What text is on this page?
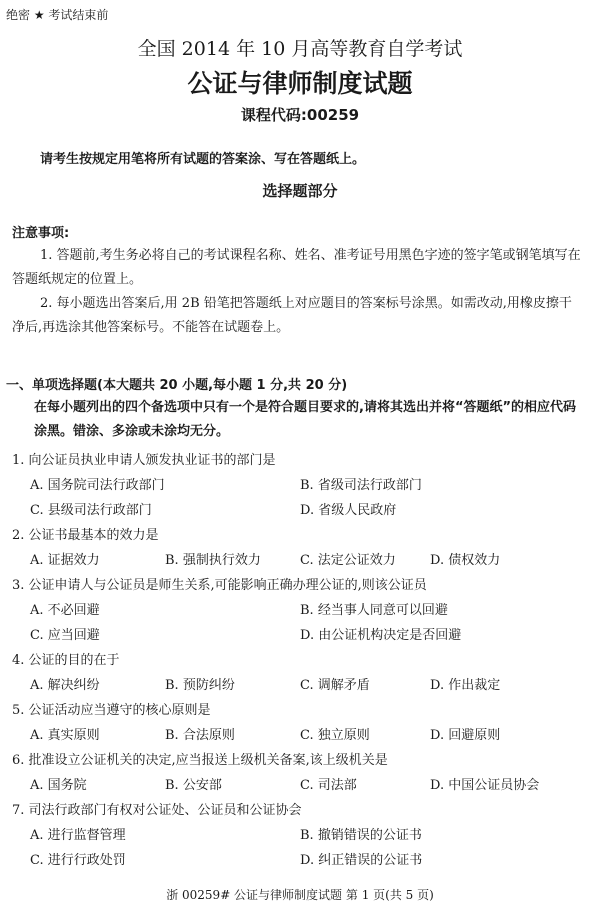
绝密 ★ 考试结束前
全国 2014 年 10 月高等教育自学考试
公证与律师制度试题
课程代码:00259
请考生按规定用笔将所有试题的答案涂、写在答题纸上。
选择题部分
注意事项:
1. 答题前,考生务必将自己的考试课程名称、姓名、准考证号用黑色字迹的签字笔或钢笔填写在答题纸规定的位置上。
2. 每小题选出答案后,用 2B 铅笔把答题纸上对应题目的答案标号涂黑。如需改动,用橡皮擦干净后,再选涂其他答案标号。不能答在试题卷上。
一、单项选择题(本大题共 20 小题,每小题 1 分,共 20 分)
在每小题列出的四个备选项中只有一个是符合题目要求的,请将其选出并将“答题纸”的相应代码涂黑。错涂、多涂或未涂均无分。
1. 向公证员执业申请人颁发执业证书的部门是
A. 国务院司法行政部门	B. 省级司法行政部门
C. 县级司法行政部门	D. 省级人民政府
2. 公证书最基本的效力是
A. 证据效力	B. 强制执行效力	C. 法定公证效力	D. 债权效力
3. 公证申请人与公证员是师生关系,可能影响正确办理公证的,则该公证员
A. 不必回避	B. 经当事人同意可以回避
C. 应当回避	D. 由公证机构决定是否回避
4. 公证的目的在于
A. 解决纠纷	B. 预防纠纷	C. 调解矛盾	D. 作出裁定
5. 公证活动应当遵守的核心原则是
A. 真实原则	B. 合法原则	C. 独立原则	D. 回避原则
6. 批准设立公证机关的决定,应当报送上级机关备案,该上级机关是
A. 国务院	B. 公安部	C. 司法部	D. 中国公证员协会
7. 司法行政部门有权对公证处、公证员和公证协会
A. 进行监督管理	B. 撤销错误的公证书
C. 进行行政处罚	D. 纠正错误的公证书
浙 00259# 公证与律师制度试题 第 1 页(共 5 页)
